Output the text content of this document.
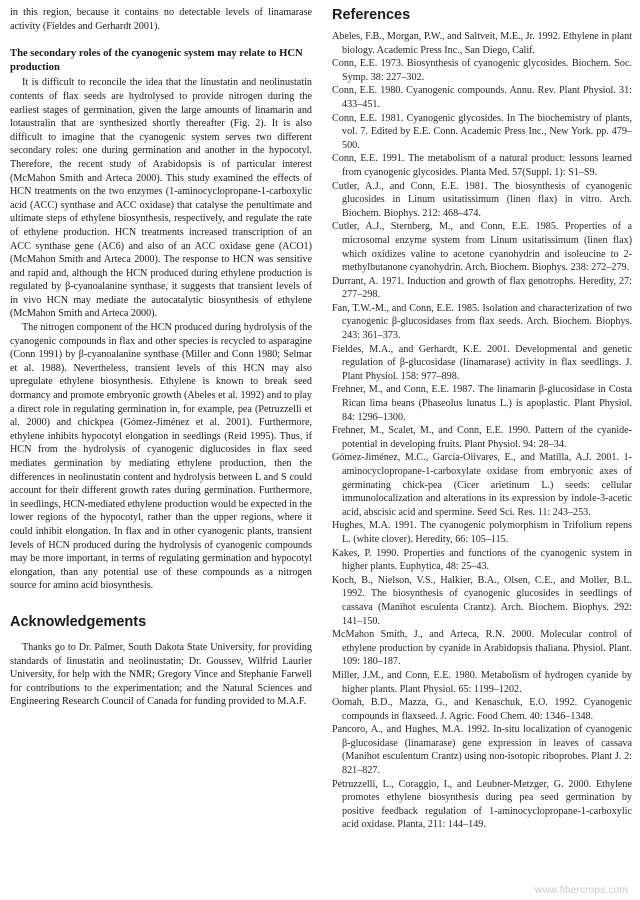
in this region, because it contains no detectable levels of linamarase activity (Fieldes and Gerhardt 2001).

The secondary roles of the cyanogenic system may relate to HCN production

It is difficult to reconcile the idea that the linustatin and neolinustatin contents of flax seeds are hydrolysed to provide nitrogen during the earliest stages of germination, given the large amounts of linamarin and lotaustralin that are synthesized shortly thereafter (Fig. 2). It is also difficult to imagine that the cyanogenic system serves two different secondary roles: one during germination and another in the hypocotyl. Therefore, the recent study of Arabidopsis is of particular interest (McMahon Smith and Arteca 2000). This study examined the effects of HCN treatments on the two enzymes (1-aminocyclopropane-1-carboxylic acid (ACC) synthase and ACC oxidase) that catalyse the penultimate and ultimate steps of ethylene biosynthesis, respectively, and regulate the rate of ethylene production. HCN treatments increased transcription of an ACC synthase gene (AC6) and also of an ACC oxidase gene (ACO1) (McMahon Smith and Arteca 2000). The response to HCN was sensitive and rapid and, although the HCN produced during ethylene production is regulated by β-cyanoalanine synthase, it suggests that transient levels of in vivo HCN may mediate the autocatalytic biosynthesis of ethylene (McMahon Smith and Arteca 2000).

The nitrogen component of the HCN produced during hydrolysis of the cyanogenic compounds in flax and other species is recycled to asparagine (Conn 1991) by β-cyanoalanine synthase (Miller and Conn 1980; Selmar et al. 1988). Nevertheless, transient levels of this HCN may also upregulate ethylene biosynthesis. Ethylene is known to break seed dormancy and promote embryonic growth (Abeles et al. 1992) and to play a direct role in regulating germination in, for example, pea (Petruzzelli et al. 2000) and chickpea (Gómez-Jiménez et al. 2001). Furthermore, ethylene inhibits hypocotyl elongation in seedlings (Reid 1995). Thus, if HCN from the hydrolysis of cyanogenic diglucosides in flax seed mediates germination by mediating ethylene production, then the differences in neolinustatin content and hydrolysis between L and S could account for their different growth rates during germination. Furthermore, in seedlings, HCN-mediated ethylene production would be expected in the lower regions of the hypocotyl, rather than the upper regions, where it could inhibit elongation. In flax and in other cyanogenic plants, transient levels of HCN produced during the hydrolysis of cyanogenic compounds may be more important, in terms of regulating germination and hypocotyl elongation, than any potential use of these compounds as a nitrogen source for amino acid biosynthesis.

Acknowledgements

Thanks go to Dr. Palmer, South Dakota State University, for providing standards of linustatin and neolinustatin; Dr. Goussev, Wilfrid Laurier University, for help with the NMR; Gregory Vince and Stephanie Farwell for contributions to the experimentation; and the Natural Sciences and Engineering Research Council of Canada for funding provided to M.A.F.

References

Abeles, F.B., Morgan, P.W., and Saltveit, M.E., Jr. 1992. Ethylene in plant biology. Academic Press Inc., San Diego, Calif.

Conn, E.E. 1973. Biosynthesis of cyanogenic glycosides. Biochem. Soc. Symp. 38: 227–302.

Conn, E.E. 1980. Cyanogenic compounds. Annu. Rev. Plant Physiol. 31: 433–451.

Conn, E.E. 1981. Cyanogenic glycosides. In The biochemistry of plants, vol. 7. Edited by E.E. Conn. Academic Press Inc., New York. pp. 479–500.

Conn, E.E. 1991. The metabolism of a natural product: lessons learned from cyanogenic glycosides. Planta Med. 57(Suppl. 1): S1–S9.

Cutler, A.J., and Conn, E.E. 1981. The biosynthesis of cyanogenic glucosides in Linum usitatissimum (linen flax) in vitro. Arch. Biochem. Biophys. 212: 468–474.

Cutler, A.J., Sternberg, M., and Conn, E.E. 1985. Properties of a microsomal enzyme system from Linum usitatissimum (linen flax) which oxidizes valine to acetone cyanohydrin and isoleucine to 2-methylbutanone cyanohydrin. Arch. Biochem. Biophys. 238: 272–279.

Durrant, A. 1971. Induction and growth of flax genotrophs. Heredity, 27: 277–298.

Fan, T.W.-M., and Conn, E.E. 1985. Isolation and characterization of two cyanogenic β-glucosidases from flax seeds. Arch. Biochem. Biophys. 243: 361–373.

Fieldes, M.A., and Gerhardt, K.E. 2001. Developmental and genetic regulation of β-glucosidase (linamarase) activity in flax seedlings. J. Plant Physiol. 158: 977–898.

Frehner, M., and Conn, E.E. 1987. The linamarin β-glucosidase in Costa Rican lima beans (Phaseolus lunatus L.) is apoplastic. Plant Physiol. 84: 1296–1300.

Frehner, M., Scalet, M., and Conn, E.E. 1990. Pattern of the cyanide-potential in developing fruits. Plant Physiol. 94: 28–34.

Gómez-Jiménez, M.C., García-Olivares, E., and Matilla, A.J. 2001. 1-aminocyclopropane-1-carboxylate oxidase from embryonic axes of germinating chick-pea (Cicer arietinum L.) seeds: cellular immunolocalization and alterations in its expression by indole-3-acetic acid, abscisic acid and spermine. Seed Sci. Res. 11: 243–253.

Hughes, M.A. 1991. The cyanogenic polymorphism in Trifolium repens L. (white clover). Heredity, 66: 105–115.

Kakes, P. 1990. Properties and functions of the cyanogenic system in higher plants. Euphytica, 48: 25–43.

Koch, B., Nielson, V.S., Halkier, B.A., Olsen, C.E., and Moller, B.L. 1992. The biosynthesis of cyanogenic glucosides in seedlings of cassava (Manihot esculenta Crantz). Arch. Biochem. Biophys. 292: 141–150.

McMahon Smith, J., and Arteca, R.N. 2000. Molecular control of ethylene production by cyanide in Arabidopsis thaliana. Physiol. Plant. 109: 180–187.

Miller, J.M., and Conn, E.E. 1980. Metabolism of hydrogen cyanide by higher plants. Plant Physiol. 65: 1199–1202.

Oomah, B.D., Mazza, G., and Kenaschuk, E.O. 1992. Cyanogenic compounds in flaxseed. J. Agric. Food Chem. 40: 1346–1348.

Pancoro, A., and Hughes, M.A. 1992. In-situ localization of cyanogenic β-glucosidase (linamarase) gene expression in leaves of cassava (Manihot esculentum Crantz) using non-isotopic riboprobes. Plant J. 2: 821–827.

Petruzzelli, L., Coraggio, I., and Leubner-Metzger, G. 2000. Ethylene promotes ethylene biosynthesis during pea seed germination by positive feedback regulation of 1-aminocyclopropane-1-carboxylic acid oxidase. Planta, 211: 144–149.

www.fibercrops.com
